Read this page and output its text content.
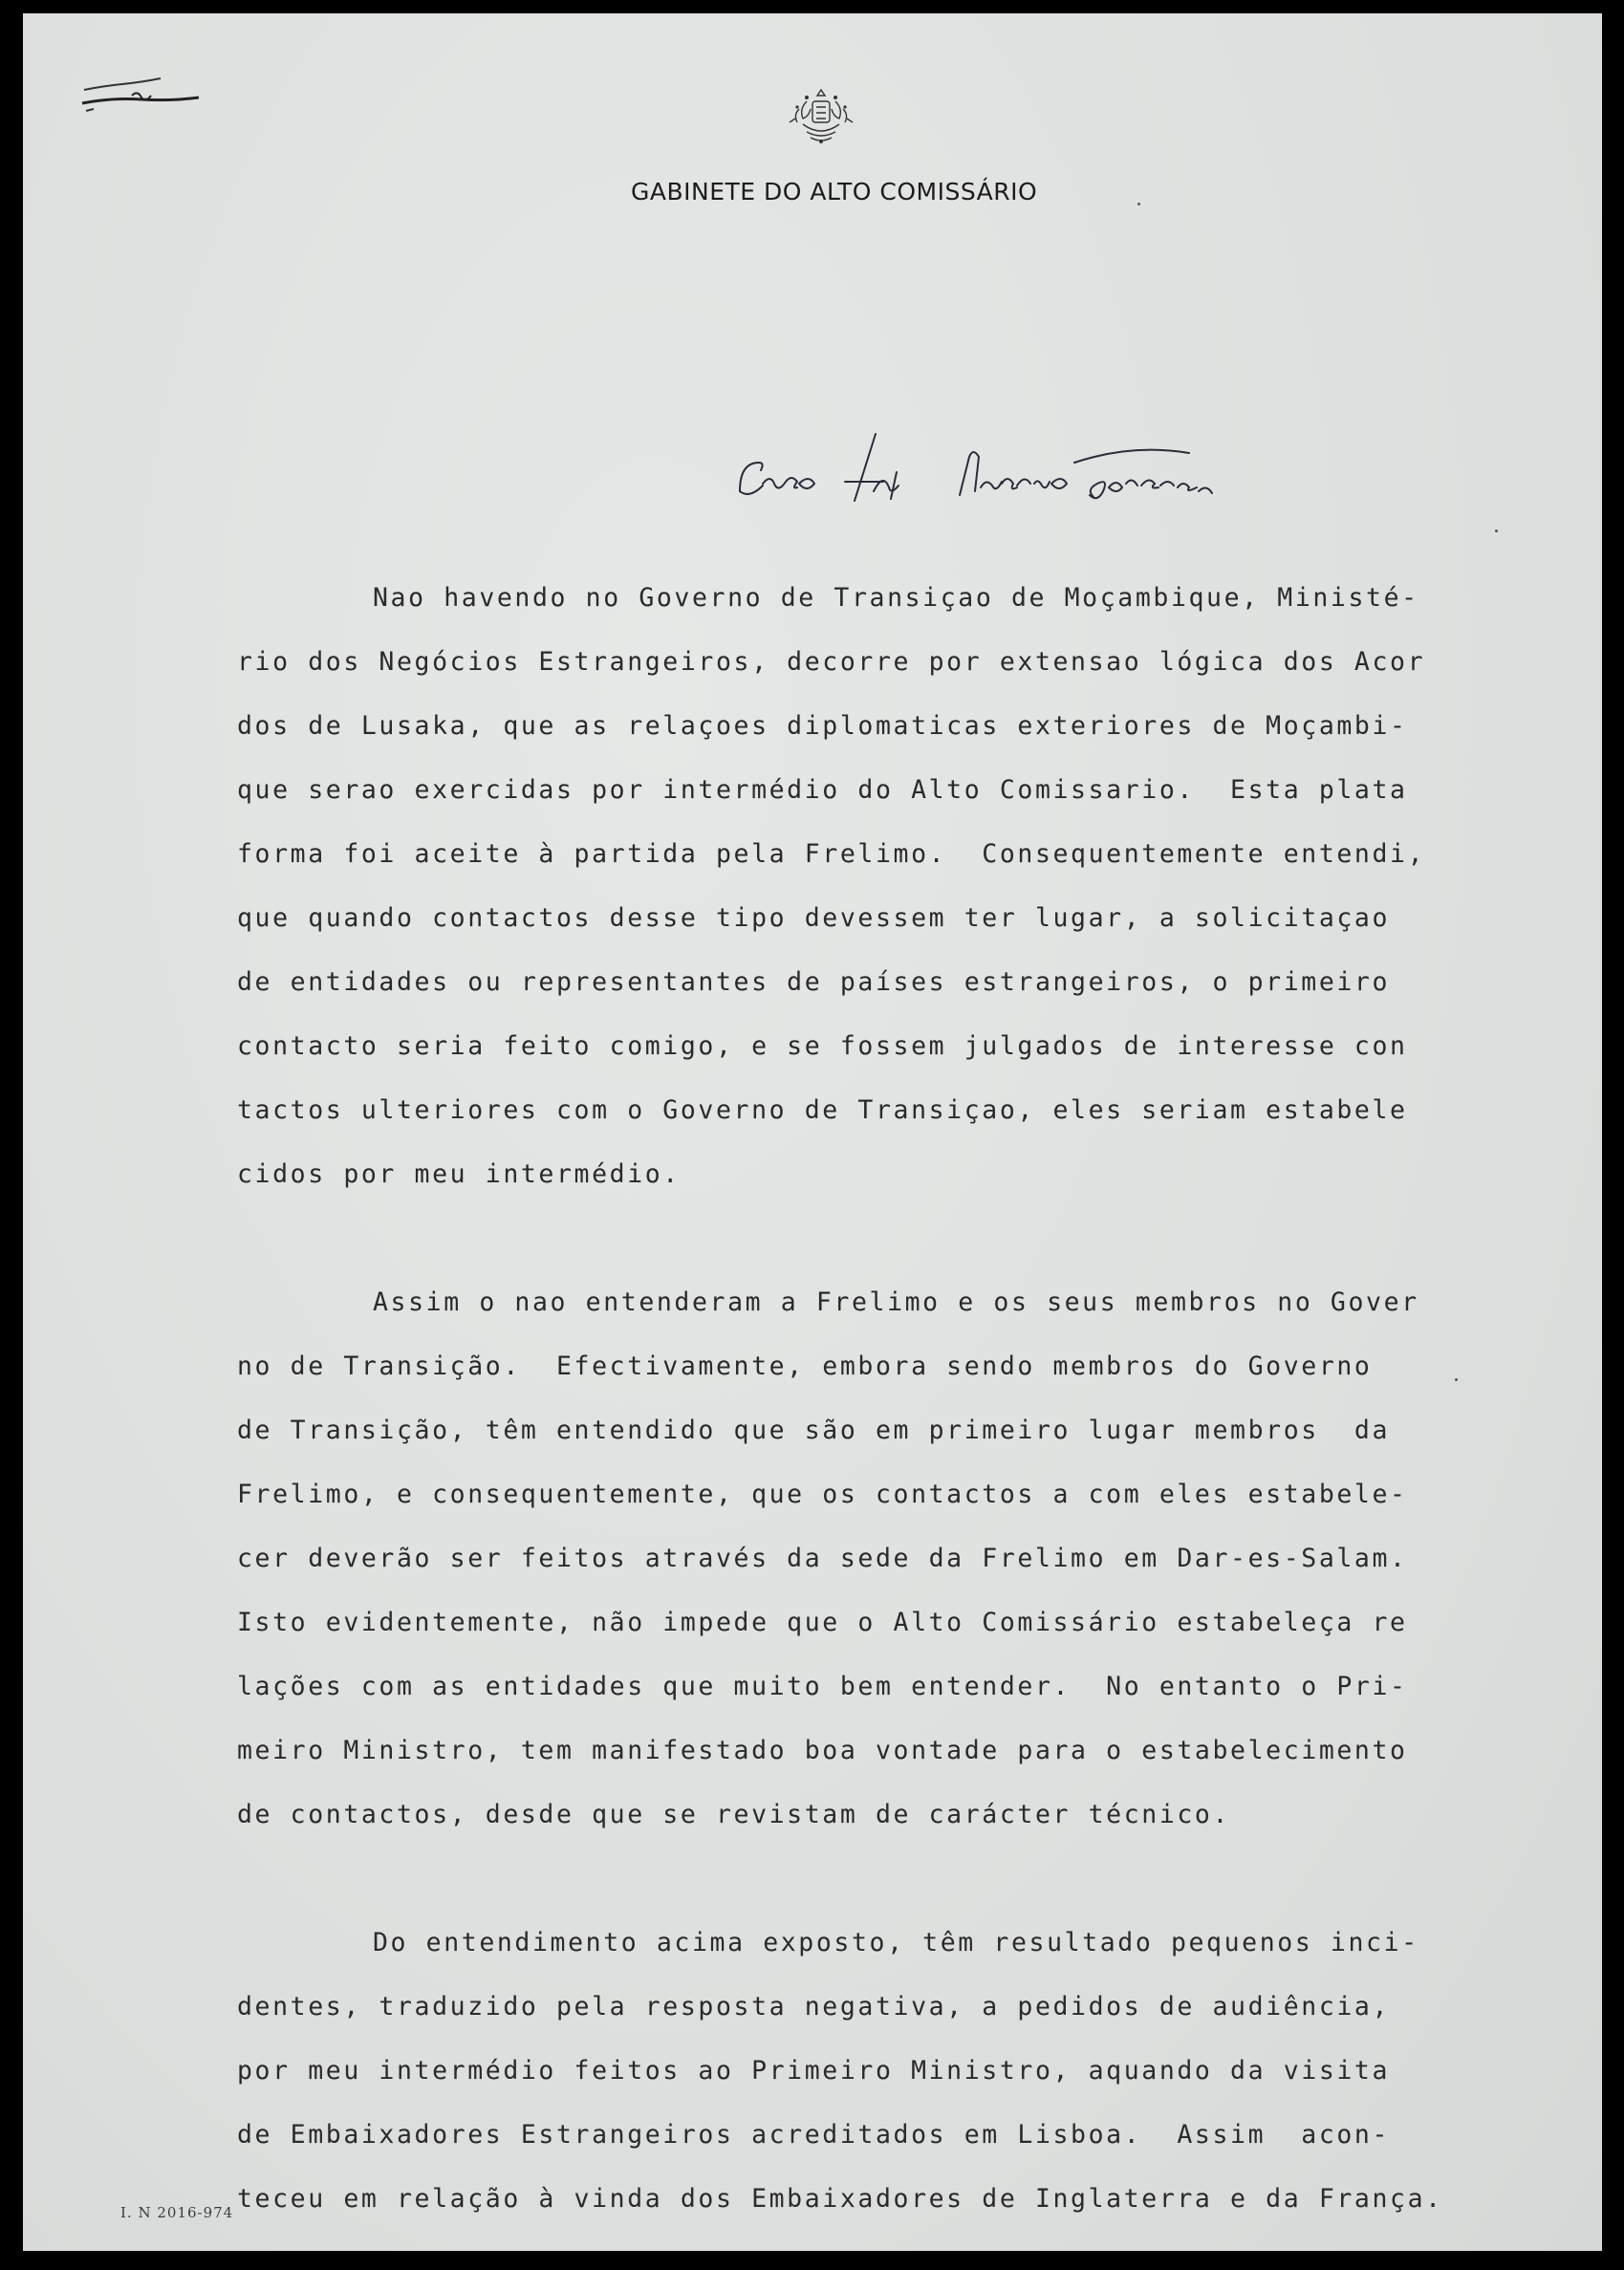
GABINETE DO ALTO COMISSÁRIO
Nao havendo no Governo de Transiçao de Moçambique, Ministé-
rio dos Negócios Estrangeiros, decorre por extensao lógica dos Acor
dos de Lusaka, que as relaçoes diplomaticas exteriores de Moçambi-
que serao exercidas por intermédio do Alto Comissario.  Esta plata
forma foi aceite à partida pela Frelimo.  Consequentemente entendi,
que quando contactos desse tipo devessem ter lugar, a solicitaçao
de entidades ou representantes de países estrangeiros, o primeiro
contacto seria feito comigo, e se fossem julgados de interesse con
tactos ulteriores com o Governo de Transiçao, eles seriam estabele
cidos por meu intermédio.
Assim o nao entenderam a Frelimo e os seus membros no Gover
no de Transição.  Efectivamente, embora sendo membros do Governo
de Transição, têm entendido que são em primeiro lugar membros  da
Frelimo, e consequentemente, que os contactos a com eles estabele-
cer deverão ser feitos através da sede da Frelimo em Dar-es-Salam.
Isto evidentemente, não impede que o Alto Comissário estabeleça re
lações com as entidades que muito bem entender.  No entanto o Pri-
meiro Ministro, tem manifestado boa vontade para o estabelecimento
de contactos, desde que se revistam de carácter técnico.
Do entendimento acima exposto, têm resultado pequenos inci-
dentes, traduzido pela resposta negativa, a pedidos de audiência,
por meu intermédio feitos ao Primeiro Ministro, aquando da visita
de Embaixadores Estrangeiros acreditados em Lisboa.  Assim  acon-
teceu em relação à vinda dos Embaixadores de Inglaterra e da França.
I. N 2016-974
